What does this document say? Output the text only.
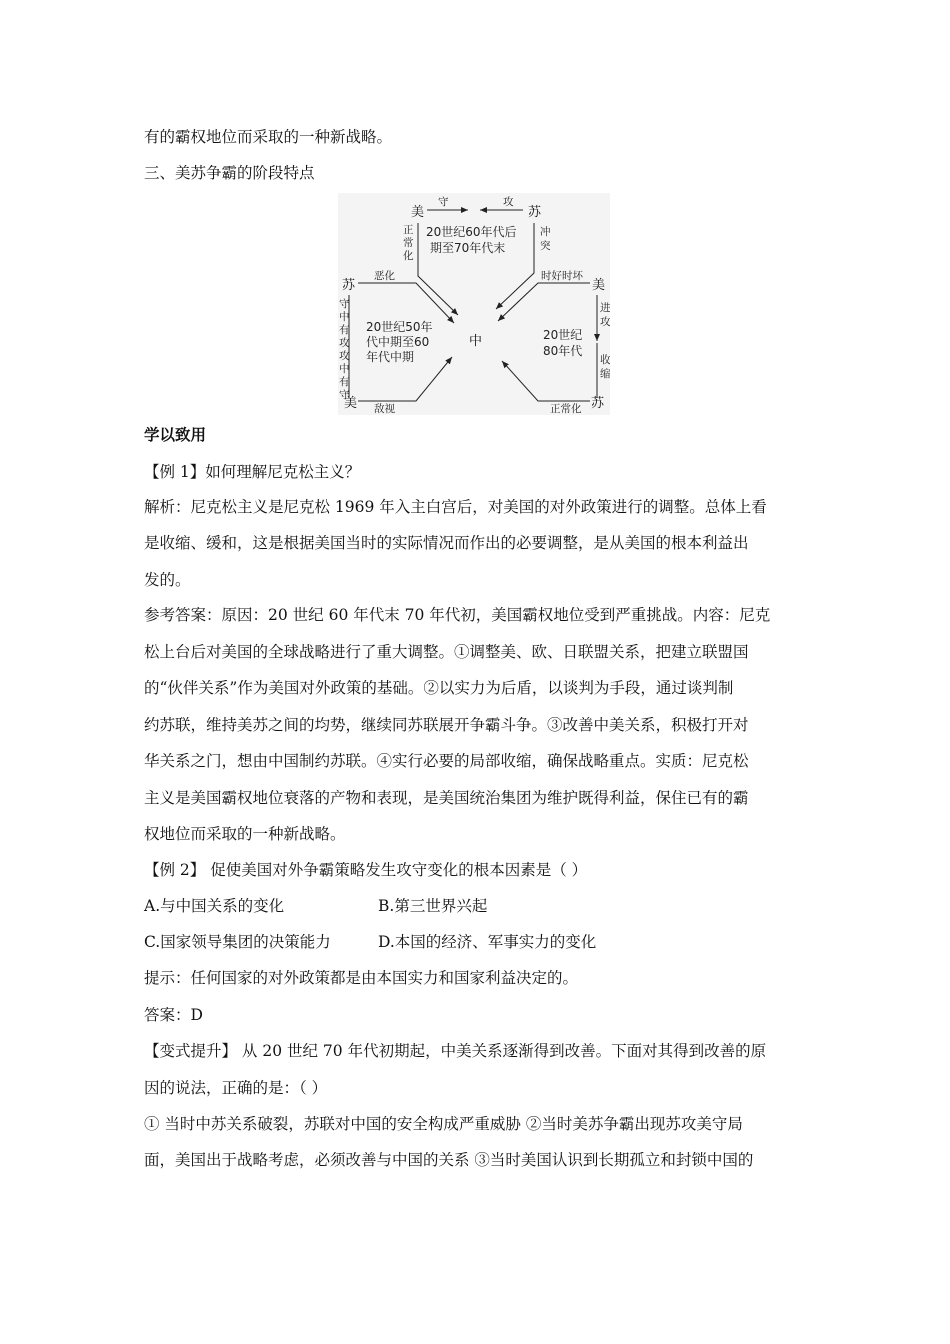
有的霸权地位而采取的一种新战略。
三、美苏争霸的阶段特点
美	苏
守	攻
20世纪60年代后
期至70年代末
正
常
化
冲
突
苏
美
恶化
敌视
守
中
有
攻
攻
中
有
守
20世纪50年
代中期至60
年代中期
中
美
苏
时好时坏
正常化
进
攻
收
缩
20世纪
80年代
学以致用
【例 1】如何理解尼克松主义？
解析：尼克松主义是尼克松 1969 年入主白宫后，对美国的对外政策进行的调整。总体上看
是收缩、缓和，这是根据美国当时的实际情况而作出的必要调整，是从美国的根本利益出
发的。
参考答案：原因：20 世纪 60 年代末 70 年代初，美国霸权地位受到严重挑战。内容：尼克
松上台后对美国的全球战略进行了重大调整。①调整美、欧、日联盟关系，把建立联盟国
的“伙伴关系”作为美国对外政策的基础。②以实力为后盾，以谈判为手段，通过谈判制
约苏联，维持美苏之间的均势，继续同苏联展开争霸斗争。③改善中美关系，积极打开对
华关系之门，想由中国制约苏联。④实行必要的局部收缩，确保战略重点。实质：尼克松
主义是美国霸权地位衰落的产物和表现，是美国统治集团为维护既得利益，保住已有的霸
权地位而采取的一种新战略。
【例 2】 促使美国对外争霸策略发生攻守变化的根本因素是（ ）
A.与中国关系的变化	B.第三世界兴起
C.国家领导集团的决策能力	D.本国的经济、军事实力的变化
提示：任何国家的对外政策都是由本国实力和国家利益决定的。
答案：D
【变式提升】 从 20 世纪 70 年代初期起，中美关系逐渐得到改善。下面对其得到改善的原
因的说法，正确的是：（ ）
① 当时中苏关系破裂，苏联对中国的安全构成严重威胁 ②当时美苏争霸出现苏攻美守局
面，美国出于战略考虑，必须改善与中国的关系 ③当时美国认识到长期孤立和封锁中国的
